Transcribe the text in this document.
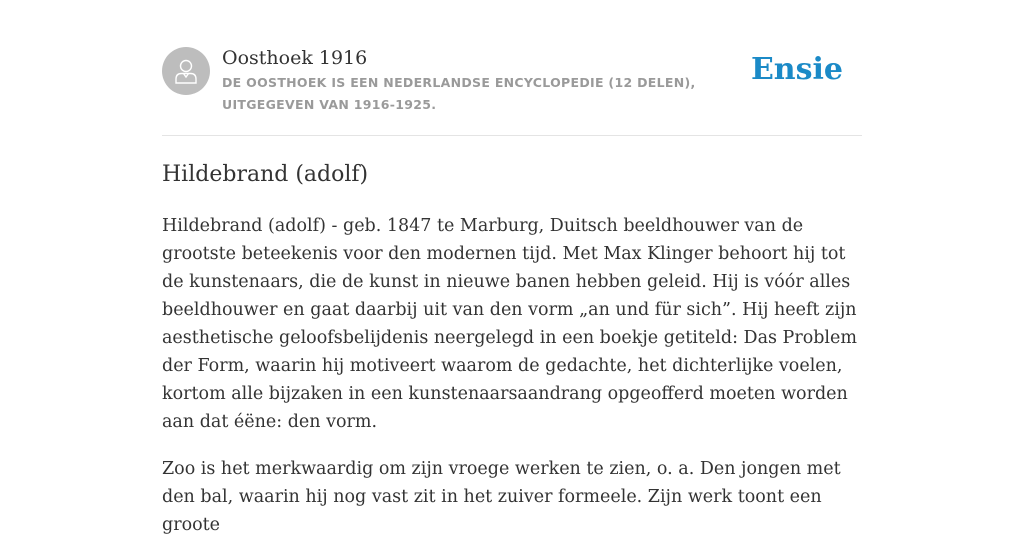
Oosthoek 1916
DE OOSTHOEK IS EEN NEDERLANDSE ENCYCLOPEDIE (12 DELEN), UITGEGEVEN VAN 1916-1925.
Ensie
Hildebrand (adolf)

Hildebrand (adolf) - geb. 1847 te Marburg, Duitsch beeldhouwer van de grootste beteekenis voor den modernen tijd. Met Max Klinger behoort hij tot de kunstenaars, die de kunst in nieuwe banen hebben geleid. Hij is vóór alles beeldhouwer en gaat daarbij uit van den vorm „an und für sich”. Hij heeft zijn aesthetische geloofsbelijdenis neergelegd in een boekje getiteld: Das Problem der Form, waarin hij motiveert waarom de gedachte, het dichterlijke voelen, kortom alle bijzaken in een kunstenaarsaandrang opgeofferd moeten worden aan dat éëne: den vorm.

Zoo is het merkwaardig om zijn vroege werken te zien, o. a. Den jongen met den bal, waarin hij nog vast zit in het zuiver formeele. Zijn werk toont een groote
